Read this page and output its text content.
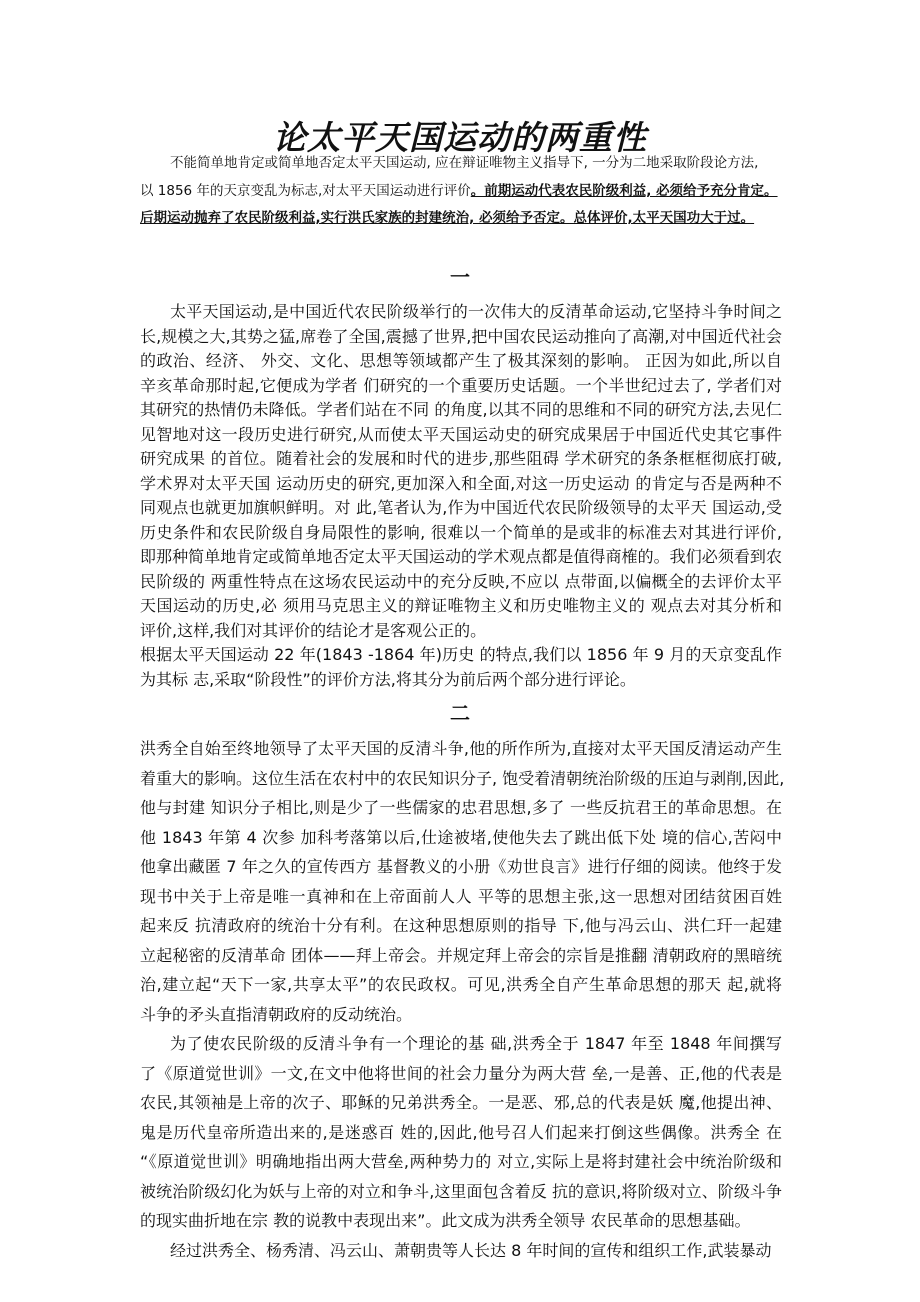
论太平天国运动的两重性
不能简单地肯定或简单地否定太平天国运动, 应在辩证唯物主义指导下, 一分为二地采取阶段论方法,
以 1856 年的天京变乱为标志,对太平天国运动进行评价。前期运动代表农民阶级利益, 必须给予充分肯定。
后期运动抛弃了农民阶级利益,实行洪氏家族的封建统治, 必须给予否定。总体评价,太平天国功大于过。
一
太平天国运动,是中国近代农民阶级举行的一次伟大的反清革命运动,它坚持斗争时间之
长,规模之大,其势之猛,席卷了全国,震撼了世界,把中国农民运动推向了高潮,对中国近代社会
的政治、经济、 外交、文化、思想等领域都产生了极其深刻的影响。 正因为如此,所以自
辛亥革命那时起,它便成为学者 们研究的一个重要历史话题。一个半世纪过去了, 学者们对
其研究的热情仍未降低。学者们站在不同 的角度,以其不同的思维和不同的研究方法,去见仁
见智地对这一段历史进行研究,从而使太平天国运动史的研究成果居于中国近代史其它事件
研究成果 的首位。随着社会的发展和时代的进步,那些阻碍 学术研究的条条框框彻底打破,
学术界对太平天国 运动历史的研究,更加深入和全面,对这一历史运动 的肯定与否是两种不
同观点也就更加旗帜鲜明。对 此,笔者认为,作为中国近代农民阶级领导的太平天 国运动,受
历史条件和农民阶级自身局限性的影响, 很难以一个简单的是或非的标准去对其进行评价,
即那种简单地肯定或简单地否定太平天国运动的学术观点都是值得商榷的。我们必须看到农
民阶级的 两重性特点在这场农民运动中的充分反映,不应以 点带面,以偏概全的去评价太平
天国运动的历史,必 须用马克思主义的辩证唯物主义和历史唯物主义的 观点去对其分析和
评价,这样,我们对其评价的结论才是客观公正的。
根据太平天国运动 22 年(1843 -1864 年)历史 的特点,我们以 1856 年 9 月的天京变乱作
为其标 志,采取“阶段性”的评价方法,将其分为前后两个部分进行评论。
二
洪秀全自始至终地领导了太平天国的反清斗争,他的所作所为,直接对太平天国反清运动产生
着重大的影响。这位生活在农村中的农民知识分子, 饱受着清朝统治阶级的压迫与剥削,因此,
他与封建 知识分子相比,则是少了一些儒家的忠君思想,多了 一些反抗君王的革命思想。在
他 1843 年第 4 次参 加科考落第以后,仕途被堵,使他失去了跳出低下处 境的信心,苦闷中
他拿出藏匿 7 年之久的宣传西方 基督教义的小册《劝世良言》进行仔细的阅读。他终于发
现书中关于上帝是唯一真神和在上帝面前人人 平等的思想主张,这一思想对团结贫困百姓
起来反 抗清政府的统治十分有利。在这种思想原则的指导 下,他与冯云山、洪仁玕一起建
立起秘密的反清革命 团体——拜上帝会。并规定拜上帝会的宗旨是推翻 清朝政府的黑暗统
治,建立起“天下一家,共享太平”的农民政权。可见,洪秀全自产生革命思想的那天 起,就将
斗争的矛头直指清朝政府的反动统治。
为了使农民阶级的反清斗争有一个理论的基 础,洪秀全于 1847 年至 1848 年间撰写
了《原道觉世训》一文,在文中他将世间的社会力量分为两大营 垒,一是善、正,他的代表是
农民,其领袖是上帝的次子、耶稣的兄弟洪秀全。一是恶、邪,总的代表是妖 魔,他提出神、
鬼是历代皇帝所造出来的,是迷惑百 姓的,因此,他号召人们起来打倒这些偶像。洪秀全 在
“《原道觉世训》明确地指出两大营垒,两种势力的 对立,实际上是将封建社会中统治阶级和
被统治阶级幻化为妖与上帝的对立和争斗,这里面包含着反 抗的意识,将阶级对立、阶级斗争
的现实曲折地在宗 教的说教中表现出来”。此文成为洪秀全领导 农民革命的思想基础。
经过洪秀全、杨秀清、冯云山、萧朝贵等人长达 8 年时间的宣传和组织工作,武装暴动
